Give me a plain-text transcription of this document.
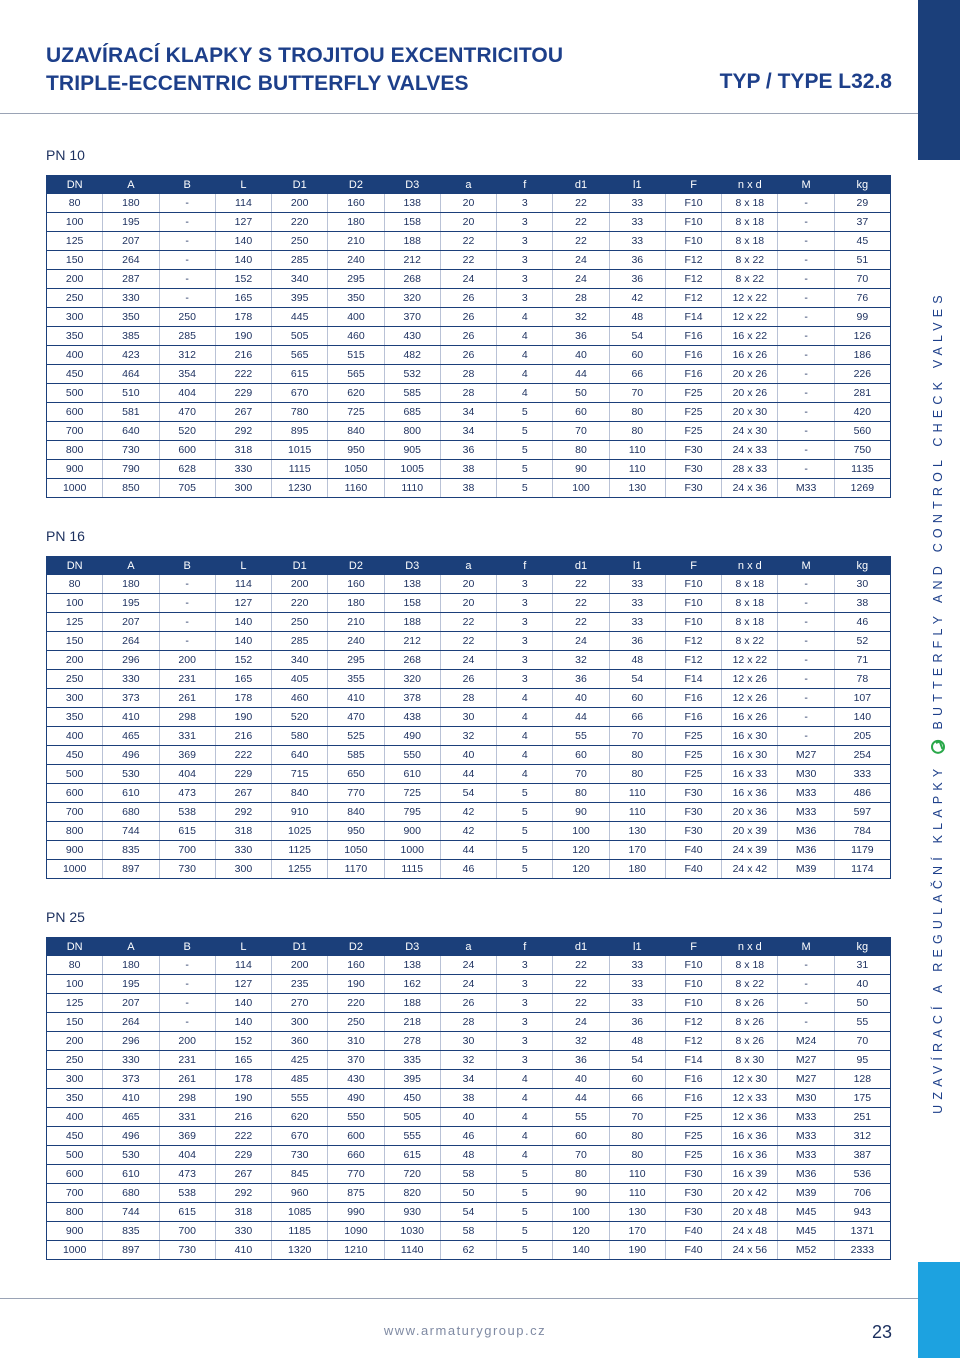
UZAVÍRACÍ KLAPKY S TROJITOU EXCENTRICITOU
TRIPLE-ECCENTRIC BUTTERFLY VALVES	TYP / TYPE L32.8
UZAVÍRACÍ A REGULAČNÍ KLAPKY
BUTTERFLY AND CONTROL CHECK VALVES
PN 10
DN	A	B	L	D1	D2	D3	a	f	d1	l1	F	n x d	M	kg
80	180	-	114	200	160	138	20	3	22	33	F10	8 x 18	-	29
100	195	-	127	220	180	158	20	3	22	33	F10	8 x 18	-	37
125	207	-	140	250	210	188	22	3	22	33	F10	8 x 18	-	45
150	264	-	140	285	240	212	22	3	24	36	F12	8 x 22	-	51
200	287	-	152	340	295	268	24	3	24	36	F12	8 x 22	-	70
250	330	-	165	395	350	320	26	3	28	42	F12	12 x 22	-	76
300	350	250	178	445	400	370	26	4	32	48	F14	12 x 22	-	99
350	385	285	190	505	460	430	26	4	36	54	F16	16 x 22	-	126
400	423	312	216	565	515	482	26	4	40	60	F16	16 x 26	-	186
450	464	354	222	615	565	532	28	4	44	66	F16	20 x 26	-	226
500	510	404	229	670	620	585	28	4	50	70	F25	20 x 26	-	281
600	581	470	267	780	725	685	34	5	60	80	F25	20 x 30	-	420
700	640	520	292	895	840	800	34	5	70	80	F25	24 x 30	-	560
800	730	600	318	1015	950	905	36	5	80	110	F30	24 x 33	-	750
900	790	628	330	1115	1050	1005	38	5	90	110	F30	28 x 33	-	1135
1000	850	705	300	1230	1160	1110	38	5	100	130	F30	24 x 36	M33	1269
PN 16
DN	A	B	L	D1	D2	D3	a	f	d1	l1	F	n x d	M	kg
80	180	-	114	200	160	138	20	3	22	33	F10	8 x 18	-	30
100	195	-	127	220	180	158	20	3	22	33	F10	8 x 18	-	38
125	207	-	140	250	210	188	22	3	22	33	F10	8 x 18	-	46
150	264	-	140	285	240	212	22	3	24	36	F12	8 x 22	-	52
200	296	200	152	340	295	268	24	3	32	48	F12	12 x 22	-	71
250	330	231	165	405	355	320	26	3	36	54	F14	12 x 26	-	78
300	373	261	178	460	410	378	28	4	40	60	F16	12 x 26	-	107
350	410	298	190	520	470	438	30	4	44	66	F16	16 x 26	-	140
400	465	331	216	580	525	490	32	4	55	70	F25	16 x 30	-	205
450	496	369	222	640	585	550	40	4	60	80	F25	16 x 30	M27	254
500	530	404	229	715	650	610	44	4	70	80	F25	16 x 33	M30	333
600	610	473	267	840	770	725	54	5	80	110	F30	16 x 36	M33	486
700	680	538	292	910	840	795	42	5	90	110	F30	20 x 36	M33	597
800	744	615	318	1025	950	900	42	5	100	130	F30	20 x 39	M36	784
900	835	700	330	1125	1050	1000	44	5	120	170	F40	24 x 39	M36	1179
1000	897	730	300	1255	1170	1115	46	5	120	180	F40	24 x 42	M39	1174
PN 25
DN	A	B	L	D1	D2	D3	a	f	d1	l1	F	n x d	M	kg
80	180	-	114	200	160	138	24	3	22	33	F10	8 x 18	-	31
100	195	-	127	235	190	162	24	3	22	33	F10	8 x 22	-	40
125	207	-	140	270	220	188	26	3	22	33	F10	8 x 26	-	50
150	264	-	140	300	250	218	28	3	24	36	F12	8 x 26	-	55
200	296	200	152	360	310	278	30	3	32	48	F12	8 x 26	M24	70
250	330	231	165	425	370	335	32	3	36	54	F14	8 x 30	M27	95
300	373	261	178	485	430	395	34	4	40	60	F16	12 x 30	M27	128
350	410	298	190	555	490	450	38	4	44	66	F16	12 x 33	M30	175
400	465	331	216	620	550	505	40	4	55	70	F25	12 x 36	M33	251
450	496	369	222	670	600	555	46	4	60	80	F25	16 x 36	M33	312
500	530	404	229	730	660	615	48	4	70	80	F25	16 x 36	M33	387
600	610	473	267	845	770	720	58	5	80	110	F30	16 x 39	M36	536
700	680	538	292	960	875	820	50	5	90	110	F30	20 x 42	M39	706
800	744	615	318	1085	990	930	54	5	100	130	F30	20 x 48	M45	943
900	835	700	330	1185	1090	1030	58	5	120	170	F40	24 x 48	M45	1371
1000	897	730	410	1320	1210	1140	62	5	140	190	F40	24 x 56	M52	2333
www.armaturygroup.cz	23
